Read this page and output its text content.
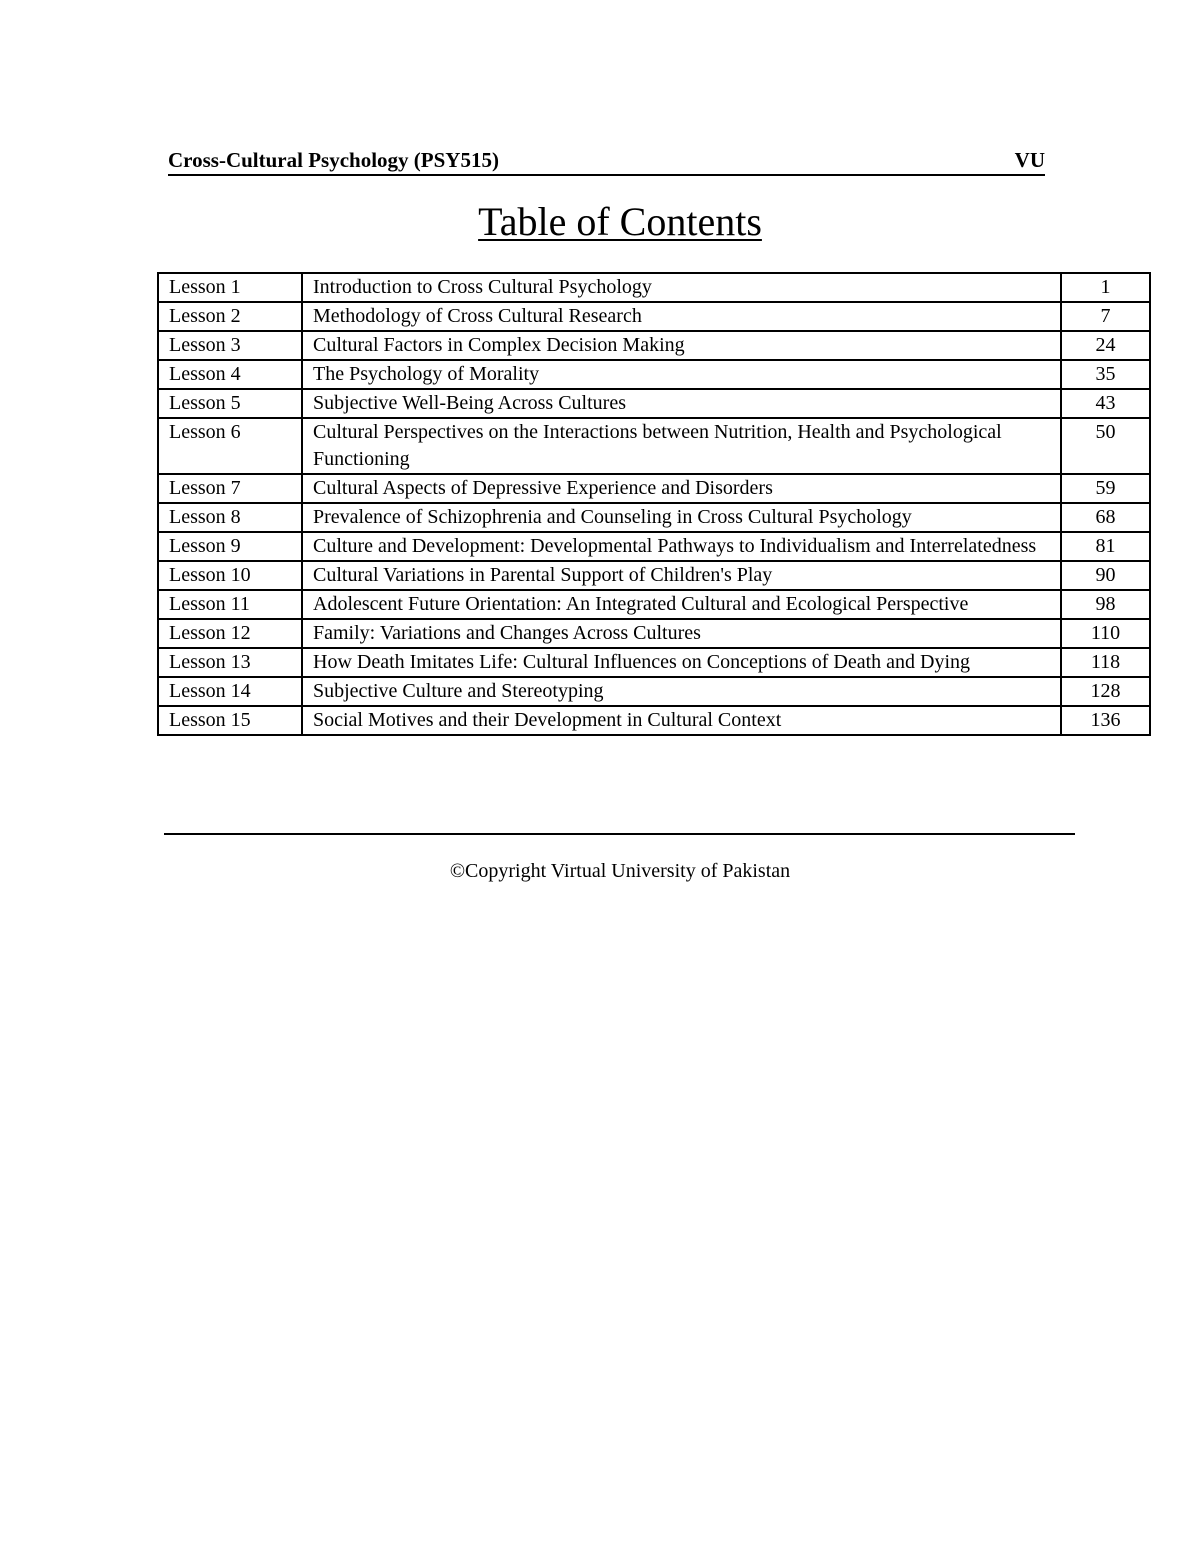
Cross-Cultural Psychology (PSY515)	VU
Table of Contents
Lesson 1	Introduction to Cross Cultural Psychology	1
Lesson 2	Methodology of Cross Cultural Research	7
Lesson 3	Cultural Factors in Complex Decision Making	24
Lesson 4	The Psychology of Morality	35
Lesson 5	Subjective Well-Being Across Cultures	43
Lesson 6	Cultural Perspectives on the Interactions between Nutrition, Health and Psychological Functioning	50
Lesson 7	Cultural Aspects of Depressive Experience and Disorders	59
Lesson 8	Prevalence of Schizophrenia and Counseling in Cross Cultural Psychology	68
Lesson 9	Culture and Development: Developmental Pathways to Individualism and Interrelatedness	81
Lesson 10	Cultural Variations in Parental Support of Children's Play	90
Lesson 11	Adolescent Future Orientation: An Integrated Cultural and Ecological Perspective	98
Lesson 12	Family: Variations and Changes Across Cultures	110
Lesson 13	How Death Imitates Life: Cultural Influences on Conceptions of Death and Dying	118
Lesson 14	Subjective Culture and Stereotyping	128
Lesson 15	Social Motives and their Development in Cultural Context	136
©Copyright Virtual University of Pakistan
